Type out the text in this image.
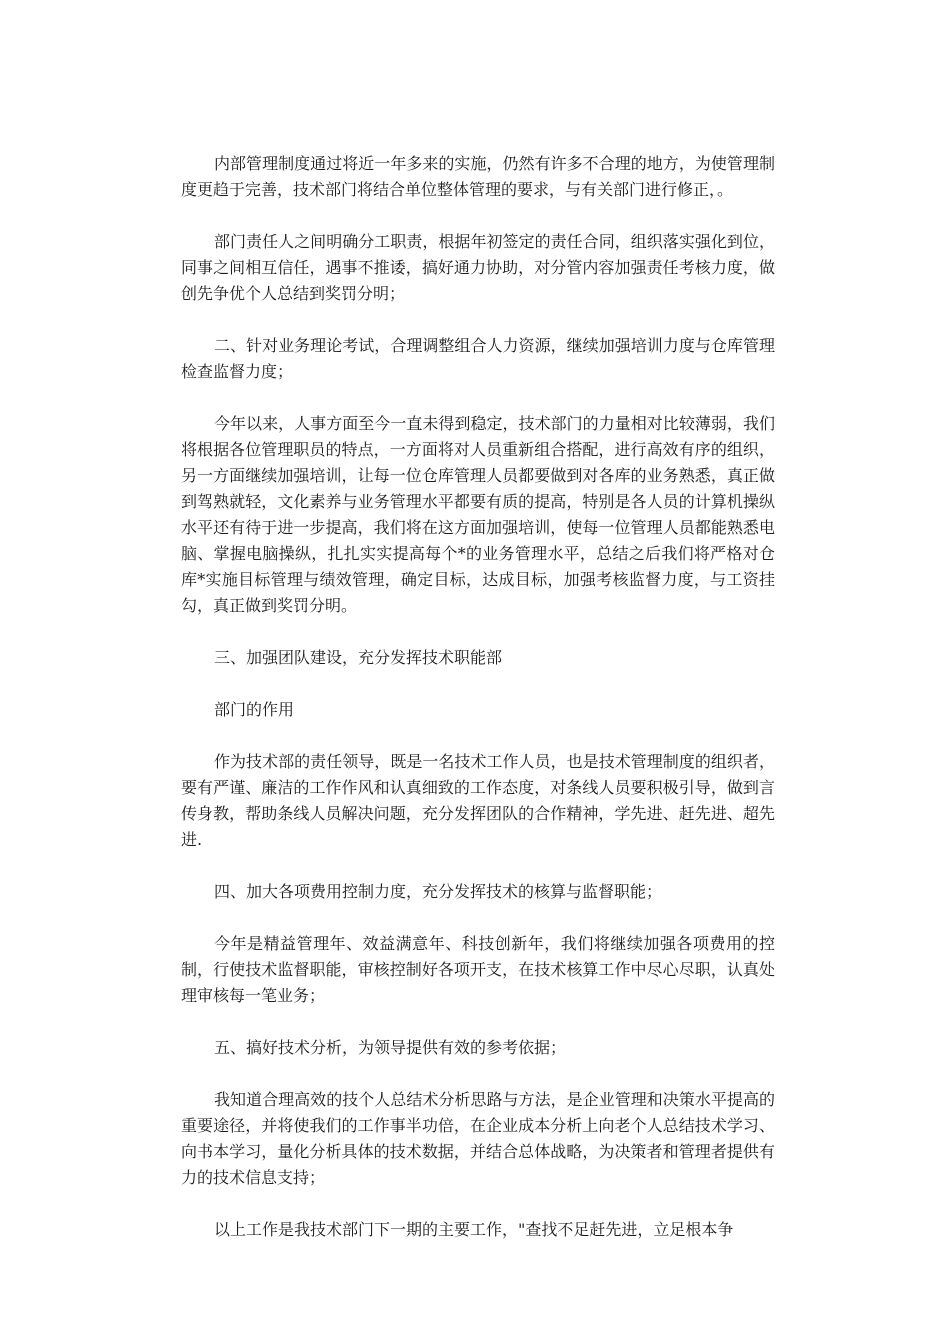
内部管理制度通过将近一年多来的实施，仍然有许多不合理的地方，为使管理制度更趋于完善，技术部门将结合单位整体管理的要求，与有关部门进行修正，。

部门责任人之间明确分工职责，根据年初签定的责任合同，组织落实强化到位，同事之间相互信任，遇事不推诿，搞好通力协助，对分管内容加强责任考核力度，做创先争优个人总结到奖罚分明；

二、针对业务理论考试，合理调整组合人力资源，继续加强培训力度与仓库管理检查监督力度；

今年以来，人事方面至今一直未得到稳定，技术部门的力量相对比较薄弱，我们将根据各位管理职员的特点，一方面将对人员重新组合搭配，进行高效有序的组织，另一方面继续加强培训，让每一位仓库管理人员都要做到对各库的业务熟悉，真正做到驾熟就轻，文化素养与业务管理水平都要有质的提高，特别是各人员的计算机操纵水平还有待于进一步提高，我们将在这方面加强培训，使每一位管理人员都能熟悉电脑、掌握电脑操纵，扎扎实实提高每个*的业务管理水平，总结之后我们将严格对仓库*实施目标管理与绩效管理，确定目标，达成目标，加强考核监督力度，与工资挂勾，真正做到奖罚分明。

三、加强团队建设，充分发挥技术职能部

部门的作用

作为技术部的责任领导，既是一名技术工作人员，也是技术管理制度的组织者，要有严谨、廉洁的工作作风和认真细致的工作态度，对条线人员要积极引导，做到言传身教，帮助条线人员解决问题，充分发挥团队的合作精神，学先进、赶先进、超先进.

四、加大各项费用控制力度，充分发挥技术的核算与监督职能；

今年是精益管理年、效益满意年、科技创新年，我们将继续加强各项费用的控制，行使技术监督职能，审核控制好各项开支，在技术核算工作中尽心尽职，认真处理审核每一笔业务；

五、搞好技术分析，为领导提供有效的参考依据；

我知道合理高效的技个人总结术分析思路与方法，是企业管理和决策水平提高的重要途径，并将使我们的工作事半功倍，在企业成本分析上向老个人总结技术学习、向书本学习，量化分析具体的技术数据，并结合总体战略，为决策者和管理者提供有力的技术信息支持；

以上工作是我技术部门下一期的主要工作，"查找不足赶先进，立足根本争
